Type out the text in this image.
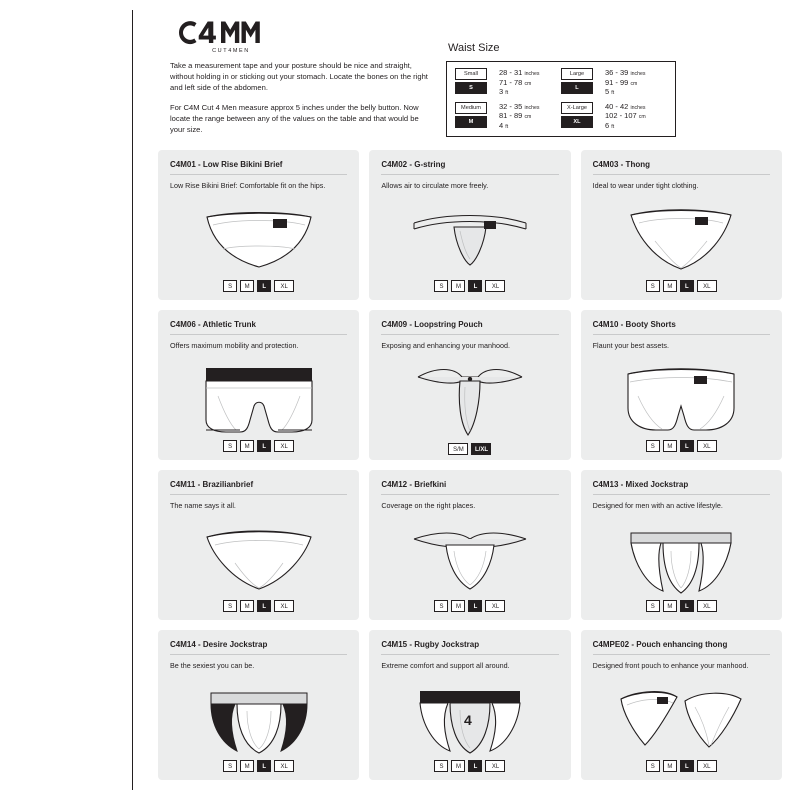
CUT4MEN

Take a measurement tape and your posture should be nice and straight, without holding in or sticking out your stomach. Locate the bones on the right and left side of the abdomen.

For C4M Cut 4 Men measure approx 5 inches under the belly button. Now locate the range between any of the values on the table and that would be your size.

Waist Size
Small
S
28 - 31 inches
71 - 78 cm
3 ft
Medium
M
32 - 35 inches
81 - 89 cm
4 ft
Large
L
36 - 39 inches
91 - 99 cm
5 ft
X-Large
XL
40 - 42 inches
102 - 107 cm
6 ft
C4M01 - Low Rise Bikini Brief
Low Rise Bikini Brief: Comfortable fit on the hips.
S	M	L	XL
C4M02 - G-string
Allows air to circulate more freely.
S	M	L	XL
C4M03 - Thong
Ideal to wear under tight clothing.
S	M	L	XL
C4M06 - Athletic Trunk
Offers maximum mobility and protection.
S	M	L	XL
C4M09 - Loopstring Pouch
Exposing and enhancing your manhood.
S/M	L/XL
C4M10 - Booty Shorts
Flaunt your best assets.
S	M	L	XL
C4M11 - Brazilianbrief
The name says it all.
S	M	L	XL
C4M12 - Briefkini
Coverage on the right places.
S	M	L	XL
C4M13 - Mixed Jockstrap
Designed for men with an active lifestyle.
S	M	L	XL
C4M14 - Desire Jockstrap
Be the sexiest you can be.
S	M	L	XL
C4M15 - Rugby Jockstrap
Extreme comfort and support all around.
4
S	M	L	XL
C4MPE02 - Pouch enhancing thong
Designed front pouch to enhance your manhood.
S	M	L	XL
